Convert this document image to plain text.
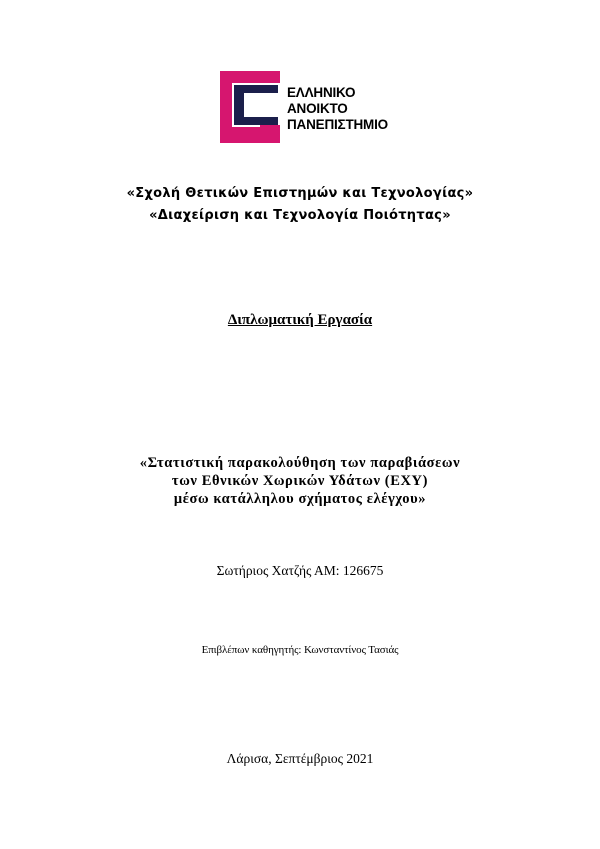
ΕΛΛΗΝΙΚΟ
ΑΝΟΙΚΤΟ
ΠΑΝΕΠΙΣΤΗΜΙΟ
«Σχολή Θετικών Επιστημών και Τεχνολογίας»
«Διαχείριση και Τεχνολογία Ποιότητας»
Διπλωματική Εργασία
«Στατιστική παρακολούθηση των παραβιάσεων
των Εθνικών Χωρικών Υδάτων (ΕΧΥ)
μέσω κατάλληλου σχήματος ελέγχου»
Σωτήριος Χατζής ΑΜ: 126675
Επιβλέπων καθηγητής: Κωνσταντίνος Τασιάς
Λάρισα, Σεπτέμβριος 2021
